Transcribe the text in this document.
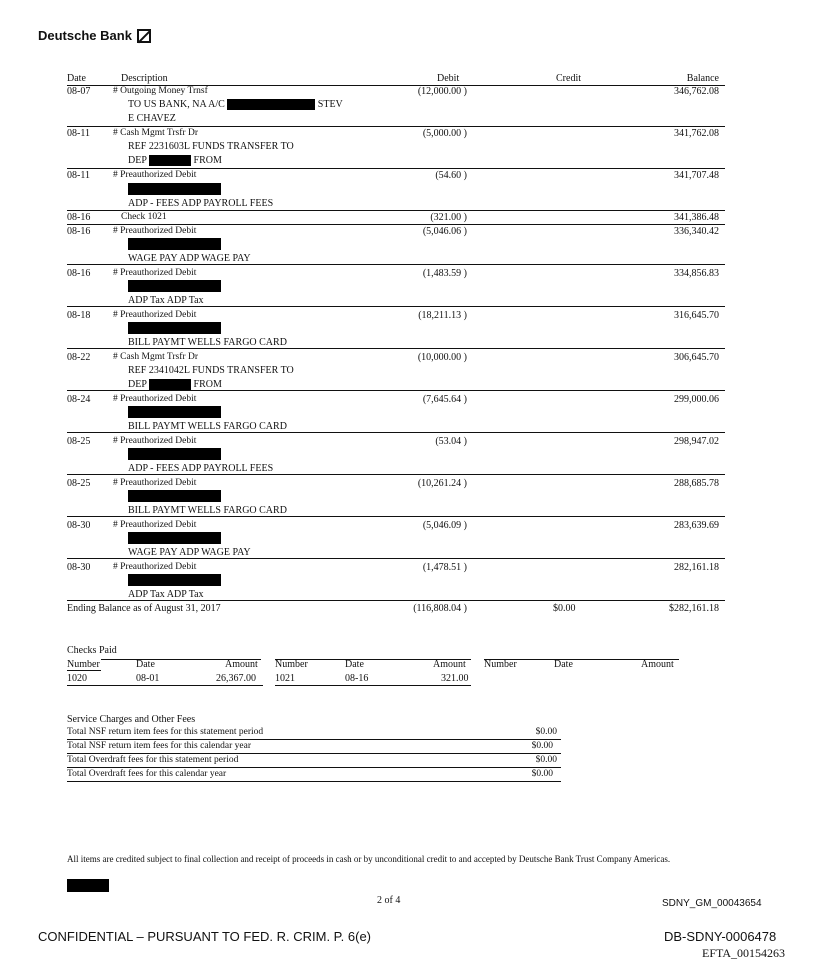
Deutsche Bank
Date	Description	Debit	Credit	Balance
08-07 # Outgoing Money Trnsf
TO US BANK, NA A/C	STEV
E CHAVEZ
(12,000.00 )	346,762.08
08-11 # Cash Mgmt Trsfr Dr
REF 2231603L FUNDS TRANSFER TO
DEP	FROM
(5,000.00 )	341,762.08
08-11 # Preauthorized Debit
ADP - FEES ADP PAYROLL FEES
(54.60 )	341,707.48
08-16	Check 1021	(321.00 )	341,386.48
08-16 # Preauthorized Debit
WAGE PAY ADP WAGE PAY
(5,046.06 )	336,340.42
08-16 # Preauthorized Debit
ADP Tax ADP Tax
(1,483.59 )	334,856.83
08-18 # Preauthorized Debit
BILL PAYMT WELLS FARGO CARD
(18,211.13 )	316,645.70
08-22 # Cash Mgmt Trsfr Dr
REF 2341042L FUNDS TRANSFER TO
DEP	FROM
(10,000.00 )	306,645.70
08-24 # Preauthorized Debit
BILL PAYMT WELLS FARGO CARD
(7,645.64 )	299,000.06
08-25 # Preauthorized Debit
ADP - FEES ADP PAYROLL FEES
(53.04 )	298,947.02
08-25 # Preauthorized Debit
BILL PAYMT WELLS FARGO CARD
(10,261.24 )	288,685.78
08-30 # Preauthorized Debit
WAGE PAY ADP WAGE PAY
(5,046.09 )	283,639.69
08-30 # Preauthorized Debit
ADP Tax ADP Tax
(1,478.51 )	282,161.18
Ending Balance as of August 31, 2017	(116,808.04 )	$0.00	$282,161.18
Checks Paid
Number	Date	Amount Number	Date	Amount Number	Date	Amount
1020	08-01	26,367.00 1021	08-16	321.00
Service Charges and Other Fees
Total NSF return item fees for this statement period	$0.00
Total NSF return item fees for this calendar year	$0.00
Total Overdraft fees for this statement period	$0.00
Total Overdraft fees for this calendar year	$0.00
All items are credited subject to final collection and receipt of proceeds in cash or by unconditional credit to and accepted by Deutsche Bank Trust Company Americas.
2 of 4	SDNY_GM_00043654
CONFIDENTIAL – PURSUANT TO FED. R. CRIM. P. 6(e)	DB-SDNY-0006478
EFTA_00154263
